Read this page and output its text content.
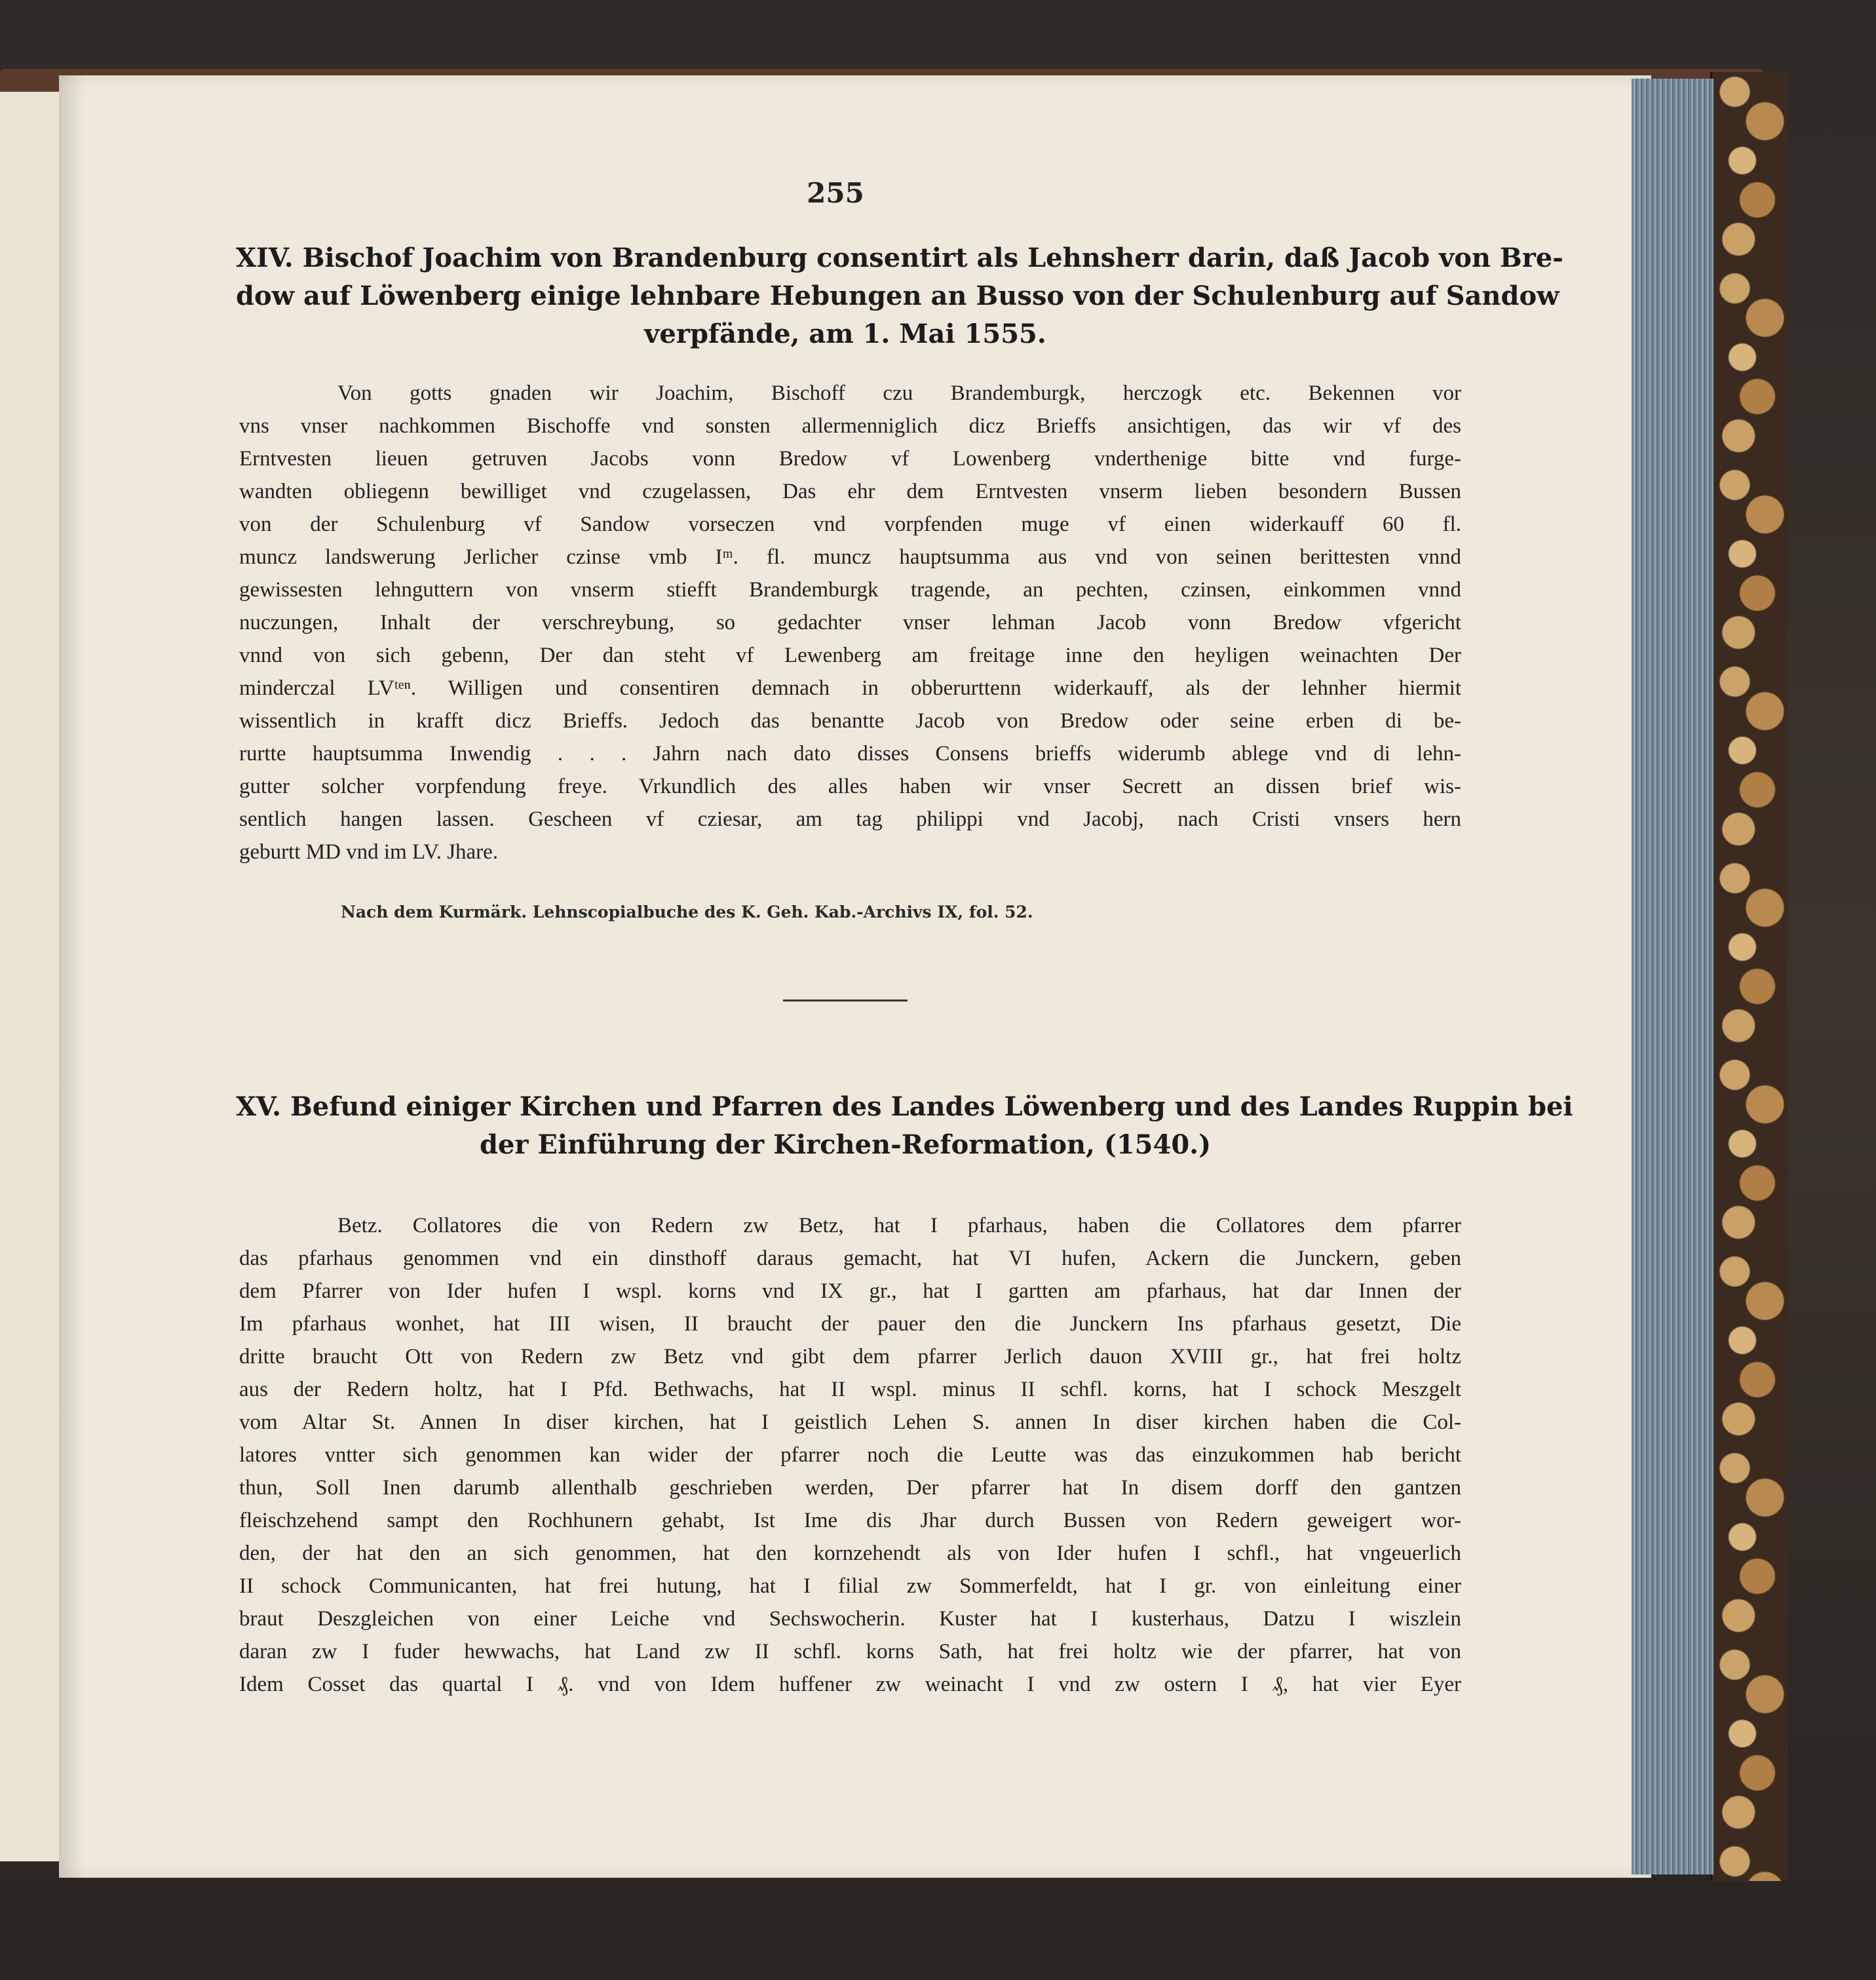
255
XIV. Bischof Joachim von Brandenburg consentirt als Lehnsherr darin, daß Jacob von Bre-
dow auf Löwenberg einige lehnbare Hebungen an Busso von der Schulenburg auf Sandow
verpfände, am 1. Mai 1555.
Von gotts gnaden wir Joachim, Bischoff czu Brandemburgk, herczogk etc. Bekennen vor
vns vnser nachkommen Bischoffe vnd sonsten allermenniglich dicz Brieffs ansichtigen, das wir vf des
Erntvesten lieuen getruven Jacobs vonn Bredow vf Lowenberg vnderthenige bitte vnd furge-
wandten obliegenn bewilliget vnd czugelassen, Das ehr dem Erntvesten vnserm lieben besondern Bussen
von der Schulenburg vf Sandow vorseczen vnd vorpfenden muge vf einen widerkauff 60 fl.
muncz landswerung Jerlicher czinse vmb Iᵐ. fl. muncz hauptsumma aus vnd von seinen berittesten vnnd
gewissesten lehnguttern von vnserm stiefft Brandemburgk tragende, an pechten, czinsen, einkommen vnnd
nuczungen, Inhalt der verschreybung, so gedachter vnser lehman Jacob vonn Bredow vfgericht
vnnd von sich gebenn, Der dan steht vf Lewenberg am freitage inne den heyligen weinachten Der
minderczal LVᵗᵉⁿ. Willigen und consentiren demnach in obberurttenn widerkauff, als der lehnher hiermit
wissentlich in krafft dicz Brieffs. Jedoch das benantte Jacob von Bredow oder seine erben di be-
rurtte hauptsumma Inwendig . . . Jahrn nach dato disses Consens brieffs widerumb ablege vnd di lehn-
gutter solcher vorpfendung freye. Vrkundlich des alles haben wir vnser Secrett an dissen brief wis-
sentlich hangen lassen. Gescheen vf cziesar, am tag philippi vnd Jacobj, nach Cristi vnsers hern
geburtt MD vnd im LV. Jhare.
Nach dem Kurmärk. Lehnscopialbuche des K. Geh. Kab.-Archivs IX, fol. 52.
XV. Befund einiger Kirchen und Pfarren des Landes Löwenberg und des Landes Ruppin bei
der Einführung der Kirchen-Reformation, (1540.)
Betz. Collatores die von Redern zw Betz, hat I pfarhaus, haben die Collatores dem pfarrer
das pfarhaus genommen vnd ein dinsthoff daraus gemacht, hat VI hufen, Ackern die Junckern, geben
dem Pfarrer von Ider hufen I wspl. korns vnd IX gr., hat I gartten am pfarhaus, hat dar Innen der
Im pfarhaus wonhet, hat III wisen, II braucht der pauer den die Junckern Ins pfarhaus gesetzt, Die
dritte braucht Ott von Redern zw Betz vnd gibt dem pfarrer Jerlich dauon XVIII gr., hat frei holtz
aus der Redern holtz, hat I Pfd. Bethwachs, hat II wspl. minus II schfl. korns, hat I schock Meszgelt
vom Altar St. Annen In diser kirchen, hat I geistlich Lehen S. annen In diser kirchen haben die Col-
latores vntter sich genommen kan wider der pfarrer noch die Leutte was das einzukommen hab bericht
thun, Soll Inen darumb allenthalb geschrieben werden, Der pfarrer hat In disem dorff den gantzen
fleischzehend sampt den Rochhunern gehabt, Ist Ime dis Jhar durch Bussen von Redern geweigert wor-
den, der hat den an sich genommen, hat den kornzehendt als von Ider hufen I schfl., hat vngeuerlich
II schock Communicanten, hat frei hutung, hat I filial zw Sommerfeldt, hat I gr. von einleitung einer
braut Deszgleichen von einer Leiche vnd Sechswocherin. Kuster hat I kusterhaus, Datzu I wiszlein
daran zw I fuder hewwachs, hat Land zw II schfl. korns Sath, hat frei holtz wie der pfarrer, hat von
Idem Cosset das quartal I ₰. vnd von Idem huffener zw weinacht I vnd zw ostern I ₰, hat vier Eyer
